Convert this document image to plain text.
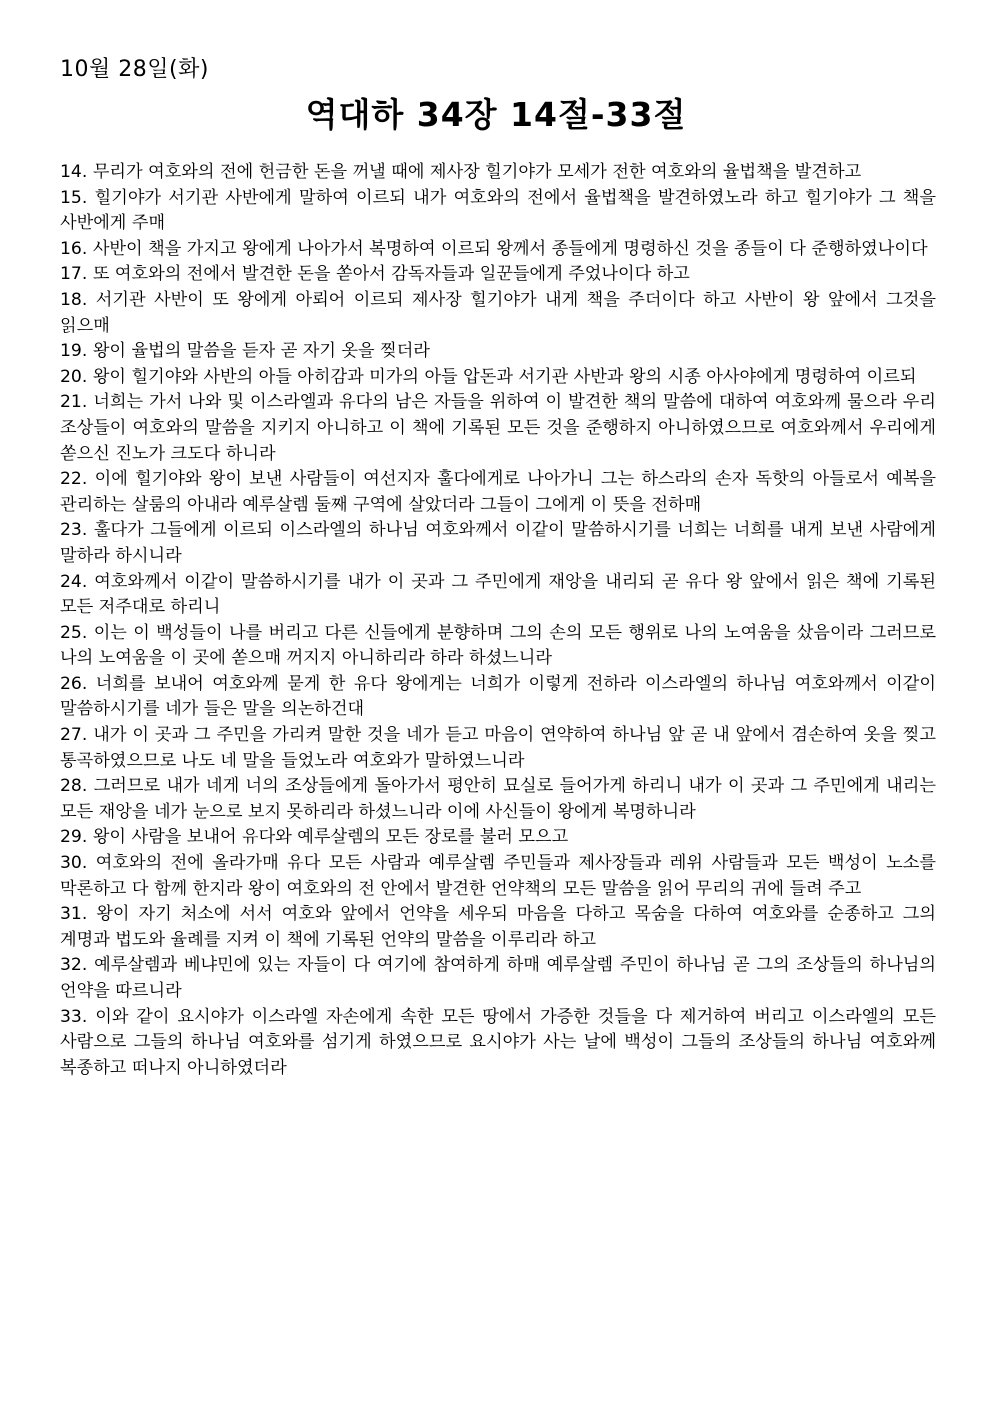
10월 28일(화)
역대하 34장 14절-33절

14. 무리가 여호와의 전에 헌금한 돈을 꺼낼 때에 제사장 힐기야가 모세가 전한 여호와의 율법책을 발견하고

15. 힐기야가 서기관 사반에게 말하여 이르되 내가 여호와의 전에서 율법책을 발견하였노라 하고 힐기야가 그 책을 사반에게 주매

16. 사반이 책을 가지고 왕에게 나아가서 복명하여 이르되 왕께서 종들에게 명령하신 것을 종들이 다 준행하였나이다

17. 또 여호와의 전에서 발견한 돈을 쏟아서 감독자들과 일꾼들에게 주었나이다 하고

18. 서기관 사반이 또 왕에게 아뢰어 이르되 제사장 힐기야가 내게 책을 주더이다 하고 사반이 왕 앞에서 그것을 읽으매

19. 왕이 율법의 말씀을 듣자 곧 자기 옷을 찢더라

20. 왕이 힐기야와 사반의 아들 아히감과 미가의 아들 압돈과 서기관 사반과 왕의 시종 아사야에게 명령하여 이르되

21. 너희는 가서 나와 및 이스라엘과 유다의 남은 자들을 위하여 이 발견한 책의 말씀에 대하여 여호와께 물으라 우리 조상들이 여호와의 말씀을 지키지 아니하고 이 책에 기록된 모든 것을 준행하지 아니하였으므로 여호와께서 우리에게 쏟으신 진노가 크도다 하니라

22. 이에 힐기야와 왕이 보낸 사람들이 여선지자 훌다에게로 나아가니 그는 하스라의 손자 독핫의 아들로서 예복을 관리하는 살룸의 아내라 예루살렘 둘째 구역에 살았더라 그들이 그에게 이 뜻을 전하매

23. 훌다가 그들에게 이르되 이스라엘의 하나님 여호와께서 이같이 말씀하시기를 너희는 너희를 내게 보낸 사람에게 말하라 하시니라

24. 여호와께서 이같이 말씀하시기를 내가 이 곳과 그 주민에게 재앙을 내리되 곧 유다 왕 앞에서 읽은 책에 기록된 모든 저주대로 하리니

25. 이는 이 백성들이 나를 버리고 다른 신들에게 분향하며 그의 손의 모든 행위로 나의 노여움을 샀음이라 그러므로 나의 노여움을 이 곳에 쏟으매 꺼지지 아니하리라 하라 하셨느니라

26. 너희를 보내어 여호와께 묻게 한 유다 왕에게는 너희가 이렇게 전하라 이스라엘의 하나님 여호와께서 이같이 말씀하시기를 네가 들은 말을 의논하건대

27. 내가 이 곳과 그 주민을 가리켜 말한 것을 네가 듣고 마음이 연약하여 하나님 앞 곧 내 앞에서 겸손하여 옷을 찢고 통곡하였으므로 나도 네 말을 들었노라 여호와가 말하였느니라

28. 그러므로 내가 네게 너의 조상들에게 돌아가서 평안히 묘실로 들어가게 하리니 내가 이 곳과 그 주민에게 내리는 모든 재앙을 네가 눈으로 보지 못하리라 하셨느니라 이에 사신들이 왕에게 복명하니라

29. 왕이 사람을 보내어 유다와 예루살렘의 모든 장로를 불러 모으고

30. 여호와의 전에 올라가매 유다 모든 사람과 예루살렘 주민들과 제사장들과 레위 사람들과 모든 백성이 노소를 막론하고 다 함께 한지라 왕이 여호와의 전 안에서 발견한 언약책의 모든 말씀을 읽어 무리의 귀에 들려 주고

31. 왕이 자기 처소에 서서 여호와 앞에서 언약을 세우되 마음을 다하고 목숨을 다하여 여호와를 순종하고 그의 계명과 법도와 율례를 지켜 이 책에 기록된 언약의 말씀을 이루리라 하고

32. 예루살렘과 베냐민에 있는 자들이 다 여기에 참여하게 하매 예루살렘 주민이 하나님 곧 그의 조상들의 하나님의 언약을 따르니라

33. 이와 같이 요시야가 이스라엘 자손에게 속한 모든 땅에서 가증한 것들을 다 제거하여 버리고 이스라엘의 모든 사람으로 그들의 하나님 여호와를 섬기게 하였으므로 요시야가 사는 날에 백성이 그들의 조상들의 하나님 여호와께 복종하고 떠나지 아니하였더라
